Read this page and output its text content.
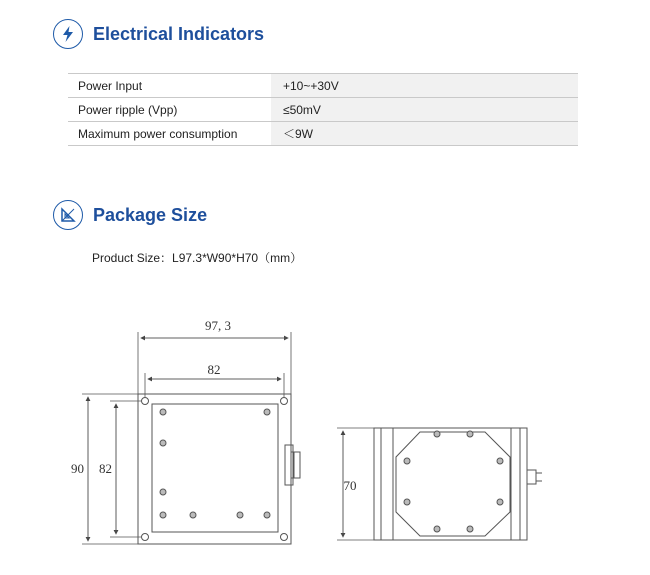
Electrical Indicators
Power Input	+10~+30V
Power ripple (Vpp)	≤50mV
Maximum power consumption	＜9W
Package Size
Product Size：L97.3*W90*H70（mm）
97, 3
82
90 82
70
